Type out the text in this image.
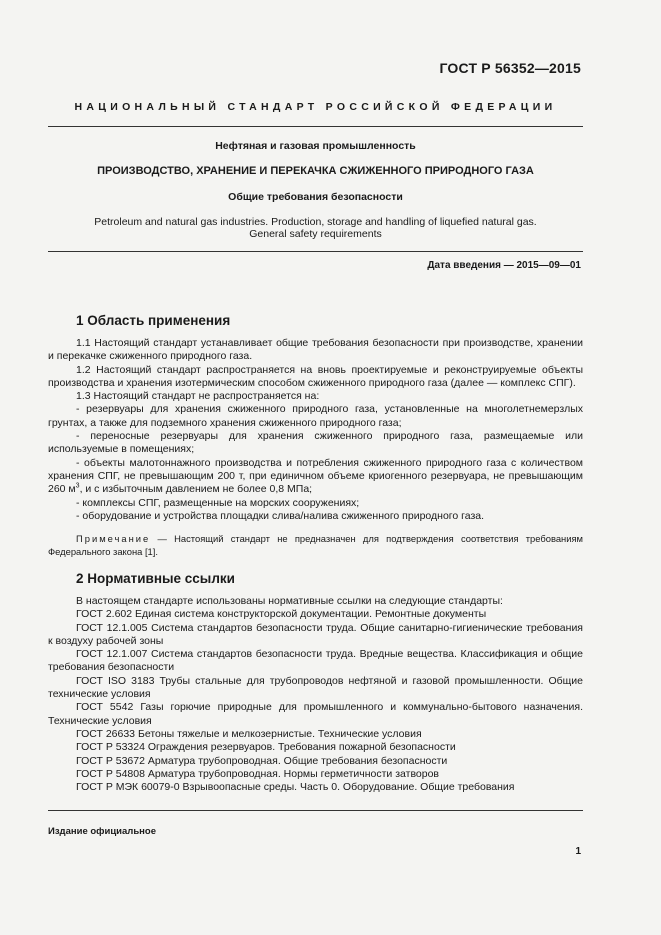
ГОСТ Р 56352—2015
НАЦИОНАЛЬНЫЙ СТАНДАРТ РОССИЙСКОЙ ФЕДЕРАЦИИ
Нефтяная и газовая промышленность
ПРОИЗВОДСТВО, ХРАНЕНИЕ И ПЕРЕКАЧКА СЖИЖЕННОГО ПРИРОДНОГО ГАЗА
Общие требования безопасности
Petroleum and natural gas industries. Production, storage and handling of liquefied natural gas.
General safety requirements
Дата введения — 2015—09—01
1 Область применения

1.1 Настоящий стандарт устанавливает общие требования безопасности при производстве, хранении и перекачке сжиженного природного газа.

1.2 Настоящий стандарт распространяется на вновь проектируемые и реконструируемые объекты производства и хранения изотермическим способом сжиженного природного газа (далее — комплекс СПГ).

1.3 Настоящий стандарт не распространяется на:

- резервуары для хранения сжиженного природного газа, установленные на многолетнемерзлых грунтах, а также для подземного хранения сжиженного природного газа;

- переносные резервуары для хранения сжиженного природного газа, размещаемые или используемые в помещениях;

- объекты малотоннажного производства и потребления сжиженного природного газа с количеством хранения СПГ, не превышающим 200 т, при единичном объеме криогенного резервуара, не превышающим 260 $м^3$, и с избыточным давлением не более 0,8 МПа;

- комплексы СПГ, размещенные на морских сооружениях;

- оборудование и устройства площадки слива/налива сжиженного природного газа.

Примечание — Настоящий стандарт не предназначен для подтверждения соответствия требованиям Федерального закона [1].

2 Нормативные ссылки

В настоящем стандарте использованы нормативные ссылки на следующие стандарты:

ГОСТ 2.602 Единая система конструкторской документации. Ремонтные документы

ГОСТ 12.1.005 Система стандартов безопасности труда. Общие санитарно-гигиенические требования к воздуху рабочей зоны

ГОСТ 12.1.007 Система стандартов безопасности труда. Вредные вещества. Классификация и общие требования безопасности

ГОСТ ISO 3183 Трубы стальные для трубопроводов нефтяной и газовой промышленности. Общие технические условия

ГОСТ 5542 Газы горючие природные для промышленного и коммунально-бытового назначения. Технические условия

ГОСТ 26633 Бетоны тяжелые и мелкозернистые. Технические условия

ГОСТ Р 53324 Ограждения резервуаров. Требования пожарной безопасности

ГОСТ Р 53672 Арматура трубопроводная. Общие требования безопасности

ГОСТ Р 54808 Арматура трубопроводная. Нормы герметичности затворов

ГОСТ Р МЭК 60079-0 Взрывоопасные среды. Часть 0. Оборудование. Общие требования

Издание официальное
1
